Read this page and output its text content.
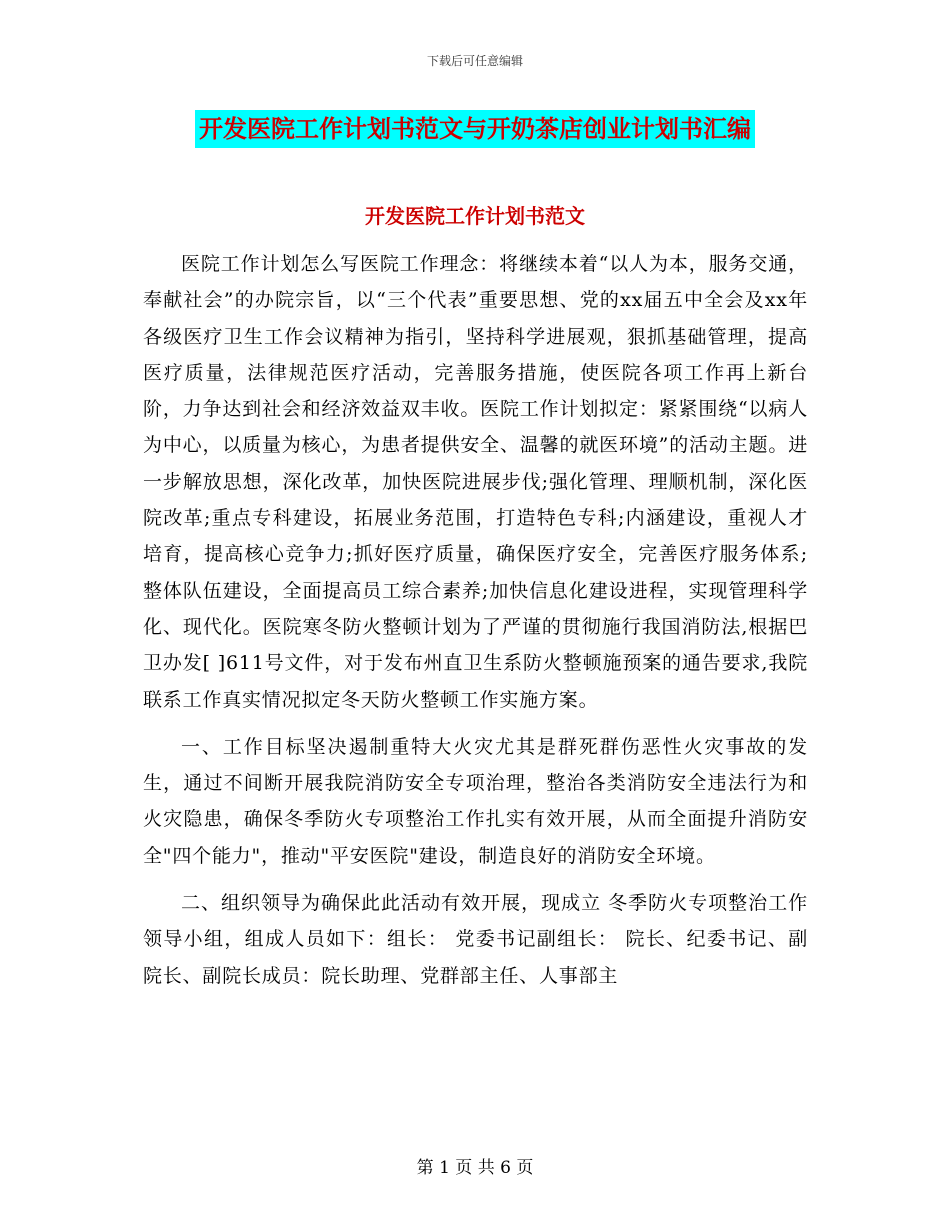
下载后可任意编辑
开发医院工作计划书范文与开奶茶店创业计划书汇编
开发医院工作计划书范文

医院工作计划怎么写医院工作理念：将继续本着“以人为本，服务交通，奉献社会”的办院宗旨，以“三个代表”重要思想、党的xx届五中全会及xx年各级医疗卫生工作会议精神为指引，坚持科学进展观，狠抓基础管理，提高医疗质量，法律规范医疗活动，完善服务措施，使医院各项工作再上新台阶，力争达到社会和经济效益双丰收。医院工作计划拟定：紧紧围绕“以病人为中心，以质量为核心，为患者提供安全、温馨的就医环境”的活动主题。进一步解放思想，深化改革，加快医院进展步伐;强化管理、理顺机制，深化医院改革;重点专科建设，拓展业务范围，打造特色专科;内涵建设，重视人才培育，提高核心竞争力;抓好医疗质量，确保医疗安全，完善医疗服务体系;整体队伍建设，全面提高员工综合素养;加快信息化建设进程，实现管理科学化、现代化。医院寒冬防火整顿计划为了严谨的贯彻施行我国消防法,根据巴卫办发[ ]611号文件，对于发布州直卫生系防火整顿施预案的通告要求,我院联系工作真实情况拟定冬天防火整顿工作实施方案。

一、工作目标坚决遏制重特大火灾尤其是群死群伤恶性火灾事故的发生，通过不间断开展我院消防安全专项治理，整治各类消防安全违法行为和火灾隐患，确保冬季防火专项整治工作扎实有效开展，从而全面提升消防安全"四个能力"，推动"平安医院"建设，制造良好的消防安全环境。

二、组织领导为确保此此活动有效开展，现成立 冬季防火专项整治工作领导小组，组成人员如下：组长： 党委书记副组长： 院长、纪委书记、副院长、副院长成员：院长助理、党群部主任、人事部主

第 1 页 共 6 页
